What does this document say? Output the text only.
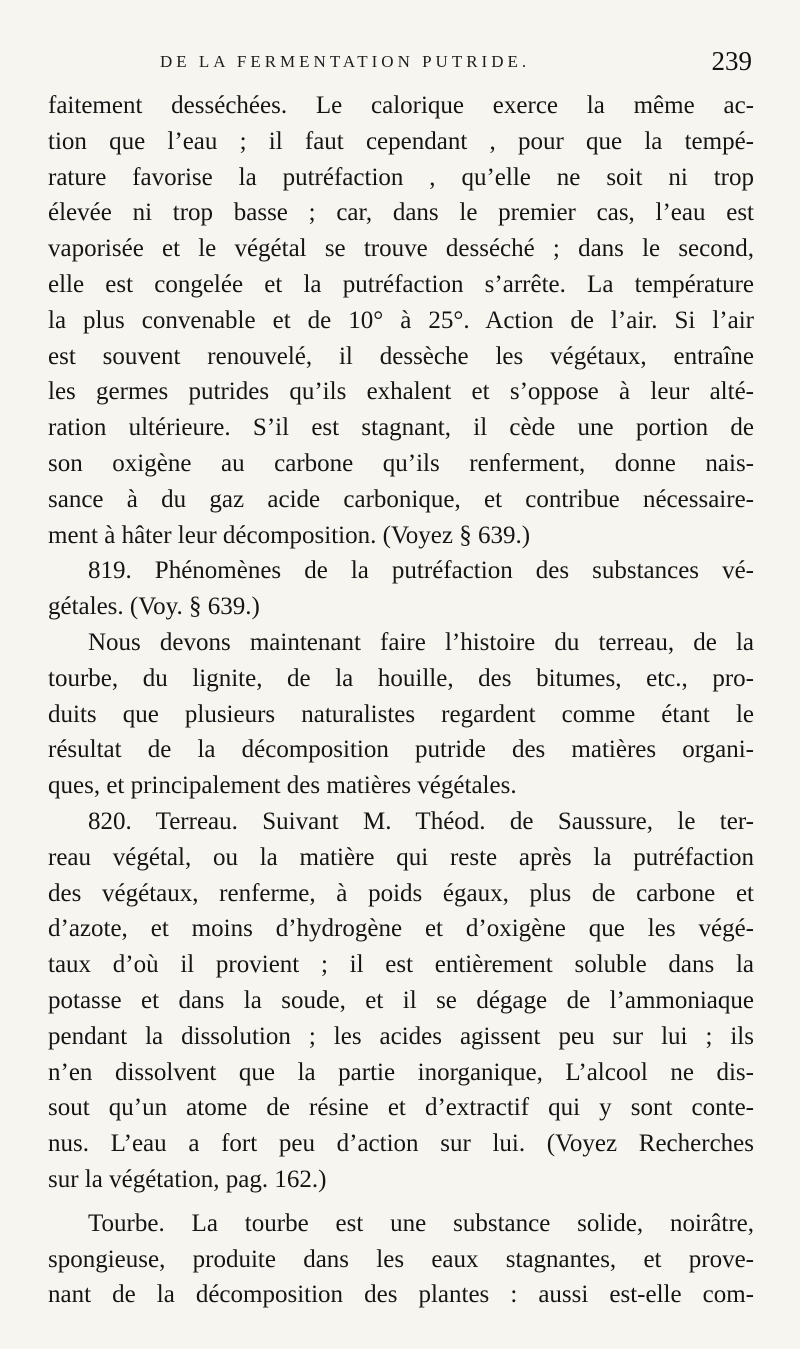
DE LA FERMENTATION PUTRIDE.	239
faitement desséchées. Le calorique exerce la même ac-
tion que l’eau ; il faut cependant , pour que la tempé-
rature favorise la putréfaction , qu’elle ne soit ni trop
élevée ni trop basse ; car, dans le premier cas, l’eau est
vaporisée et le végétal se trouve desséché ; dans le second,
elle est congelée et la putréfaction s’arrête. La température
la plus convenable et de 10° à 25°. Action de l’air. Si l’air
est souvent renouvelé, il dessèche les végétaux, entraîne
les germes putrides qu’ils exhalent et s’oppose à leur alté-
ration ultérieure. S’il est stagnant, il cède une portion de
son oxigène au carbone qu’ils renferment, donne nais-
sance à du gaz acide carbonique, et contribue nécessaire-
ment à hâter leur décomposition. (Voyez § 639.)
819. Phénomènes de la putréfaction des substances vé-
gétales. (Voy. § 639.)
Nous devons maintenant faire l’histoire du terreau, de la
tourbe, du lignite, de la houille, des bitumes, etc., pro-
duits que plusieurs naturalistes regardent comme étant le
résultat de la décomposition putride des matières organi-
ques, et principalement des matières végétales.
820. Terreau. Suivant M. Théod. de Saussure, le ter-
reau végétal, ou la matière qui reste après la putréfaction
des végétaux, renferme, à poids égaux, plus de carbone et
d’azote, et moins d’hydrogène et d’oxigène que les végé-
taux d’où il provient ; il est entièrement soluble dans la
potasse et dans la soude, et il se dégage de l’ammoniaque
pendant la dissolution ; les acides agissent peu sur lui ; ils
n’en dissolvent que la partie inorganique, L’alcool ne dis-
sout qu’un atome de résine et d’extractif qui y sont conte-
nus. L’eau a fort peu d’action sur lui. (Voyez Recherches
sur la végétation, pag. 162.)
Tourbe. La tourbe est une substance solide, noirâtre,
spongieuse, produite dans les eaux stagnantes, et prove-
nant de la décomposition des plantes : aussi est-elle com-
